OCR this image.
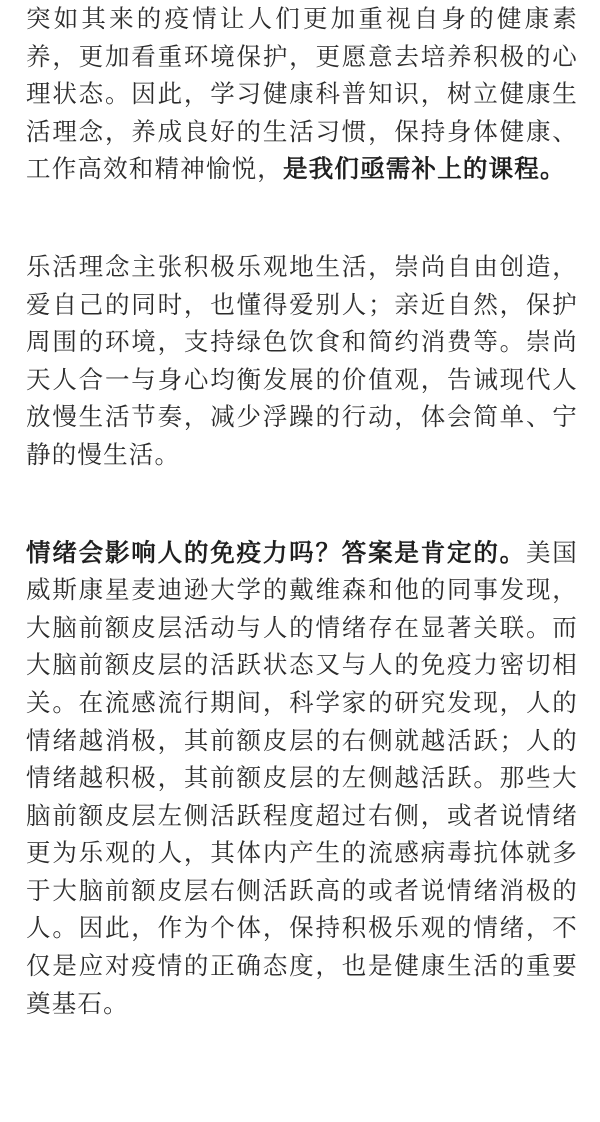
突如其来的疫情让人们更加重视自身的健康素养，更加看重环境保护，更愿意去培养积极的心理状态。因此，学习健康科普知识，树立健康生活理念，养成良好的生活习惯，保持身体健康、工作高效和精神愉悦，是我们亟需补上的课程。

乐活理念主张积极乐观地生活，崇尚自由创造，爱自己的同时，也懂得爱别人；亲近自然，保护周围的环境，支持绿色饮食和简约消费等。崇尚天人合一与身心均衡发展的价值观，告诫现代人放慢生活节奏，减少浮躁的行动，体会简单、宁静的慢生活。

情绪会影响人的免疫力吗？答案是肯定的。美国威斯康星麦迪逊大学的戴维森和他的同事发现，大脑前额皮层活动与人的情绪存在显著关联。而大脑前额皮层的活跃状态又与人的免疫力密切相关。在流感流行期间，科学家的研究发现，人的情绪越消极，其前额皮层的右侧就越活跃；人的情绪越积极，其前额皮层的左侧越活跃。那些大脑前额皮层左侧活跃程度超过右侧，或者说情绪更为乐观的人，其体内产生的流感病毒抗体就多于大脑前额皮层右侧活跃高的或者说情绪消极的人。因此，作为个体，保持积极乐观的情绪，不仅是应对疫情的正确态度，也是健康生活的重要奠基石。
